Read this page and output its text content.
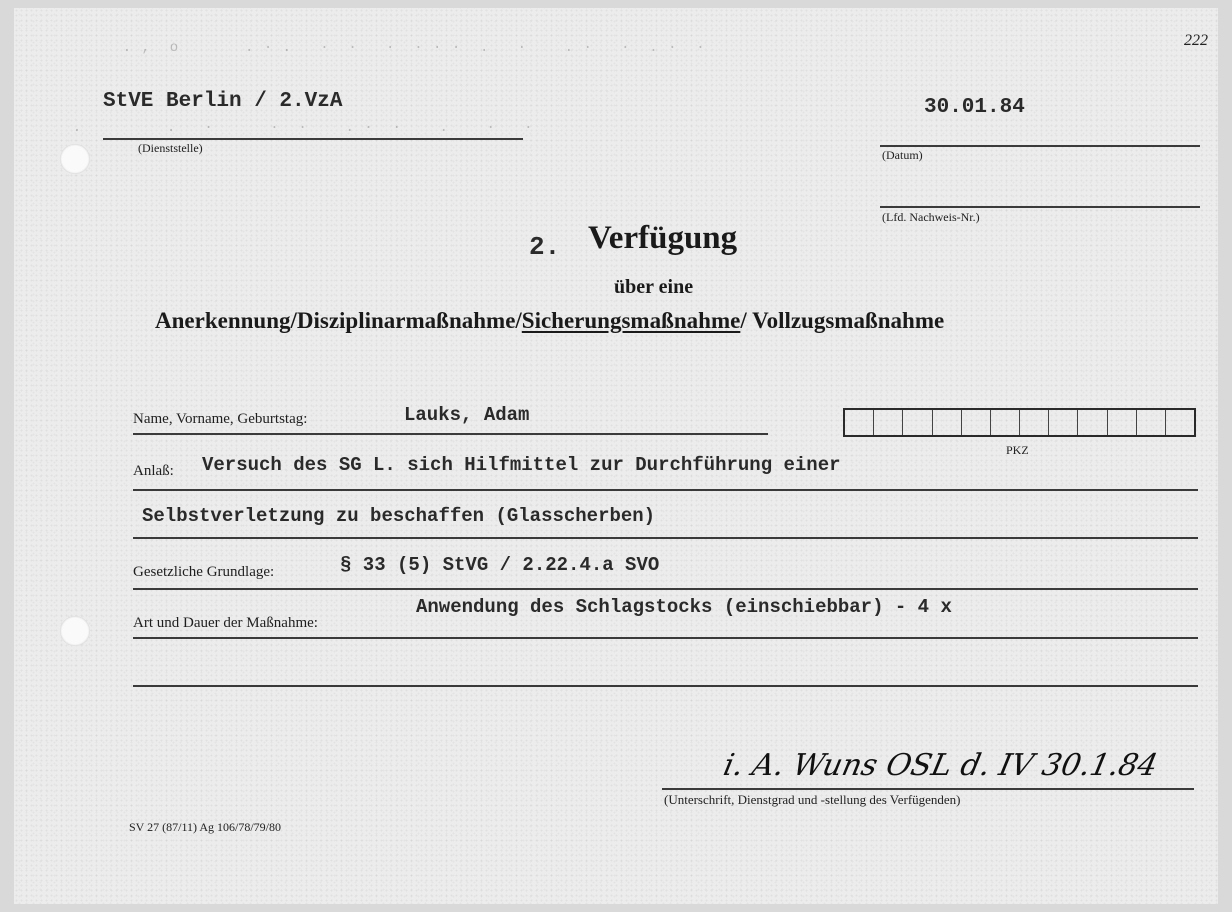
. ,  o       . · .   ·  ·   ·  · · ·  .   ·    . ·   ·  . ·  ·
.         .   ·      ·  ·    . ·  ·    .    ·   ·
StVE Berlin / 2.VzA
(Dienststelle)
222
30.01.84
(Datum)
(Lfd. Nachweis-Nr.)
2. Verfügung
über eine
Anerkennung/Disziplinarmaßnahme/Sicherungsmaßnahme/ Vollzugsmaßnahme
Name, Vorname, Geburtstag:	Lauks, Adam
PKZ
Anlaß: Versuch des SG L. sich Hilfmittel zur Durchführung einer
Selbstverletzung zu beschaffen (Glasscherben)
Gesetzliche Grundlage:	§ 33 (5) StVG / 2.22.4.a SVO
Art und Dauer der Maßnahme:
Anwendung des Schlagstocks (einschiebbar) - 4 x
i. A. Wuns OSL d. IV 30.1.84
(Unterschrift, Dienstgrad und -stellung des Verfügenden)
SV 27 (87/11) Ag 106/78/79/80
